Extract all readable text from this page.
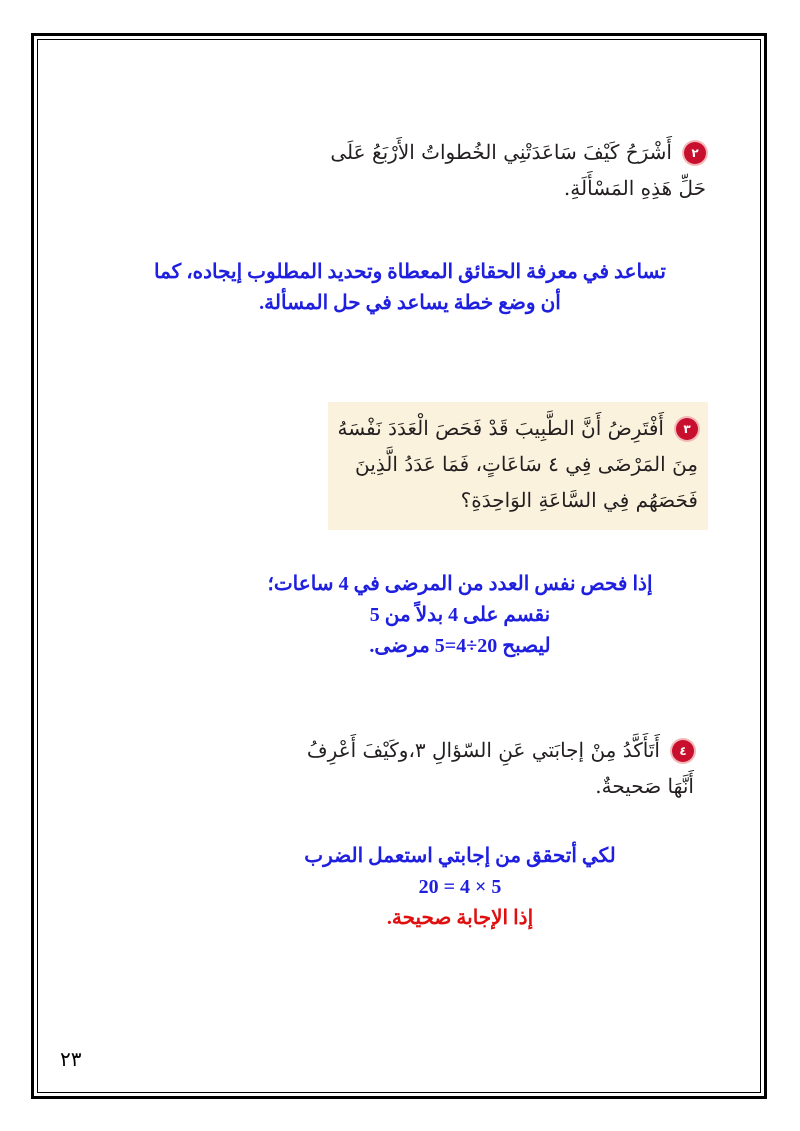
٢أَشْرَحُ كَيْفَ سَاعَدَتْنِي الخُطواتُ الأَرْبَعُ عَلَى
حَلِّ هَذِهِ المَسْأَلَةِ.
تساعد في معرفة الحقائق المعطاة وتحديد المطلوب إيجاده، كما
أن وضع خطة يساعد في حل المسألة.
٣أَفْتَرِضُ أَنَّ الطَّبِيبَ قَدْ فَحَصَ الْعَدَدَ نَفْسَهُ
مِنَ المَرْضَى فِي ٤ سَاعَاتٍ، فَمَا عَدَدُ الَّذِينَ
فَحَصَهُم فِي السَّاعَةِ الوَاحِدَةِ؟
إذا فحص نفس العدد من المرضى في 4 ساعات؛
نقسم على 4 بدلاً من 5
ليصبح 20÷4=5 مرضى.
٤أَتَأَكَّدُ مِنْ إجابَتي عَنِ السّؤالِ ٣،وكَيْفَ أَعْرِفُ
أَنَّهَا صَحيحةٌ.
لكي أتحقق من إجابتي استعمل الضرب
20 = 4 × 5
إذا الإجابة صحيحة.
٢٣
